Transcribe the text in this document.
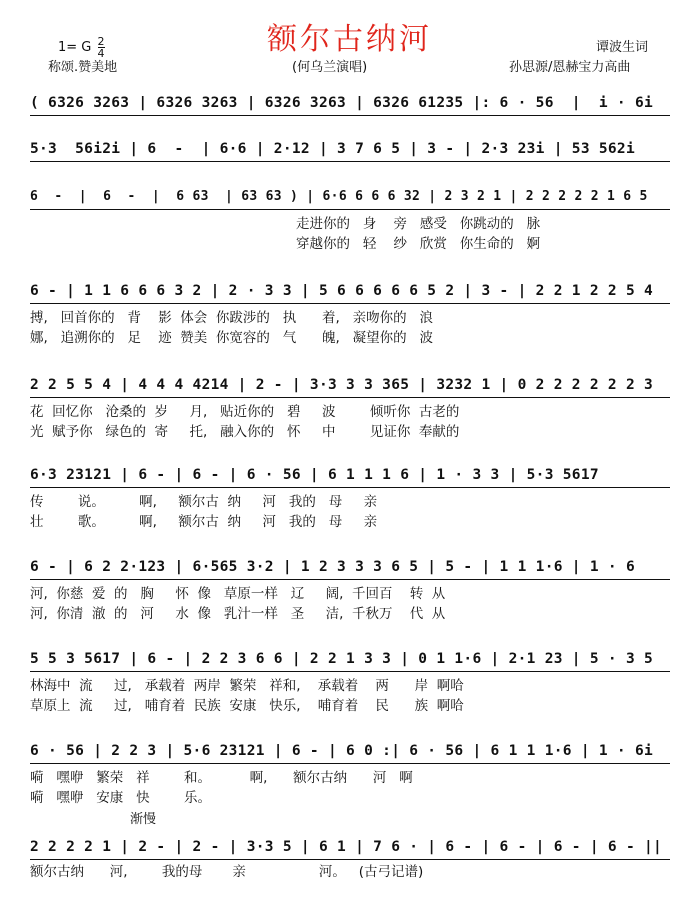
额尔古纳河
1= G $\frac{2}{4}$
称颂.赞美地	(何乌兰演唱)
谭波生词
孙思源/恩赫宝力高曲
( 6326 3263 | 6326 3263 | 6326 3263 | 6326 61235 |: 6 · 56  |  i · 6i
5·3  56i2i | 6  -  | 6·6 | 2·12 | 3 7 6 5 | 3 - | 2·3 23i | 53 562i
6  -  |  6  -  |  6 63  | 63 63 ) | 6·6 6 6 6 32 | 2 3 2 1 | 2 2 2 2 2 1 6 5
走进你的   身    旁   感受   你跳动的   脉
穿越你的   轻    纱   欣赏   你生命的   婀
6 - | 1 1 6 6 6 3 2 | 2 · 3 3 | 5 6 6 6 6 6 5 2 | 3 - | 2 2 1 2 2 5 4
搏,   回首你的   背    影  体会  你跋涉的   执      着,   亲吻你的   浪
娜,   追溯你的   足    迹  赞美  你宽容的   气      魄,   凝望你的   波
2 2 5 5 4 | 4 4 4 4214 | 2 - | 3·3 3 3 365 | 3232 1 | 0 2 2 2 2 2 2 3
花  回忆你   沧桑的  岁     月,   贴近你的   碧     波        倾听你  古老的
光  赋予你   绿色的  寄     托,   融入你的   怀     中        见证你  奉献的
6·3 23121 | 6 - | 6 - | 6 · 56 | 6 1 1 1 6 | 1 · 3 3 | 5·3 5617
传        说。        啊,     额尔古  纳     河   我的   母     亲
壮        歌。        啊,     额尔古  纳     河   我的   母     亲
6 - | 6 2 2·123 | 6·565 3·2 | 1 2 3 3 3 6 5 | 5 - | 1 1 1·6 | 1 · 6
河,  你慈  爱  的   胸     怀  像   草原一样   辽     阔,  千回百    转  从
河,  你清  澈  的   河     水  像   乳汁一样   圣     洁,  千秋万    代  从
5 5 3 5617 | 6 - | 2 2 3 6 6 | 2 2 1 3 3 | 0 1 1·6 | 2·1 23 | 5 · 3 5
林海中  流     过,   承载着  两岸  繁荣   祥和,    承载着    两      岸  啊哈
草原上  流     过,   哺育着  民族  安康   快乐,    哺育着    民      族  啊哈
6 · 56 | 2 2 3 | 5·6 23121 | 6 - | 6 0 :| 6 · 56 | 6 1 1 1·6 | 1 · 6i
嗬   嘿咿   繁荣   祥        和。         啊,      额尔古纳      河   啊
嗬   嘿咿   安康   快        乐。
渐慢
2 2 2 2 1 | 2 - | 2 - | 3·3 5 | 6 1 | 7 6 · | 6 - | 6 - | 6 - | 6 - ||
额尔古纳      河,        我的母       亲                 河。   (古弓记谱)
